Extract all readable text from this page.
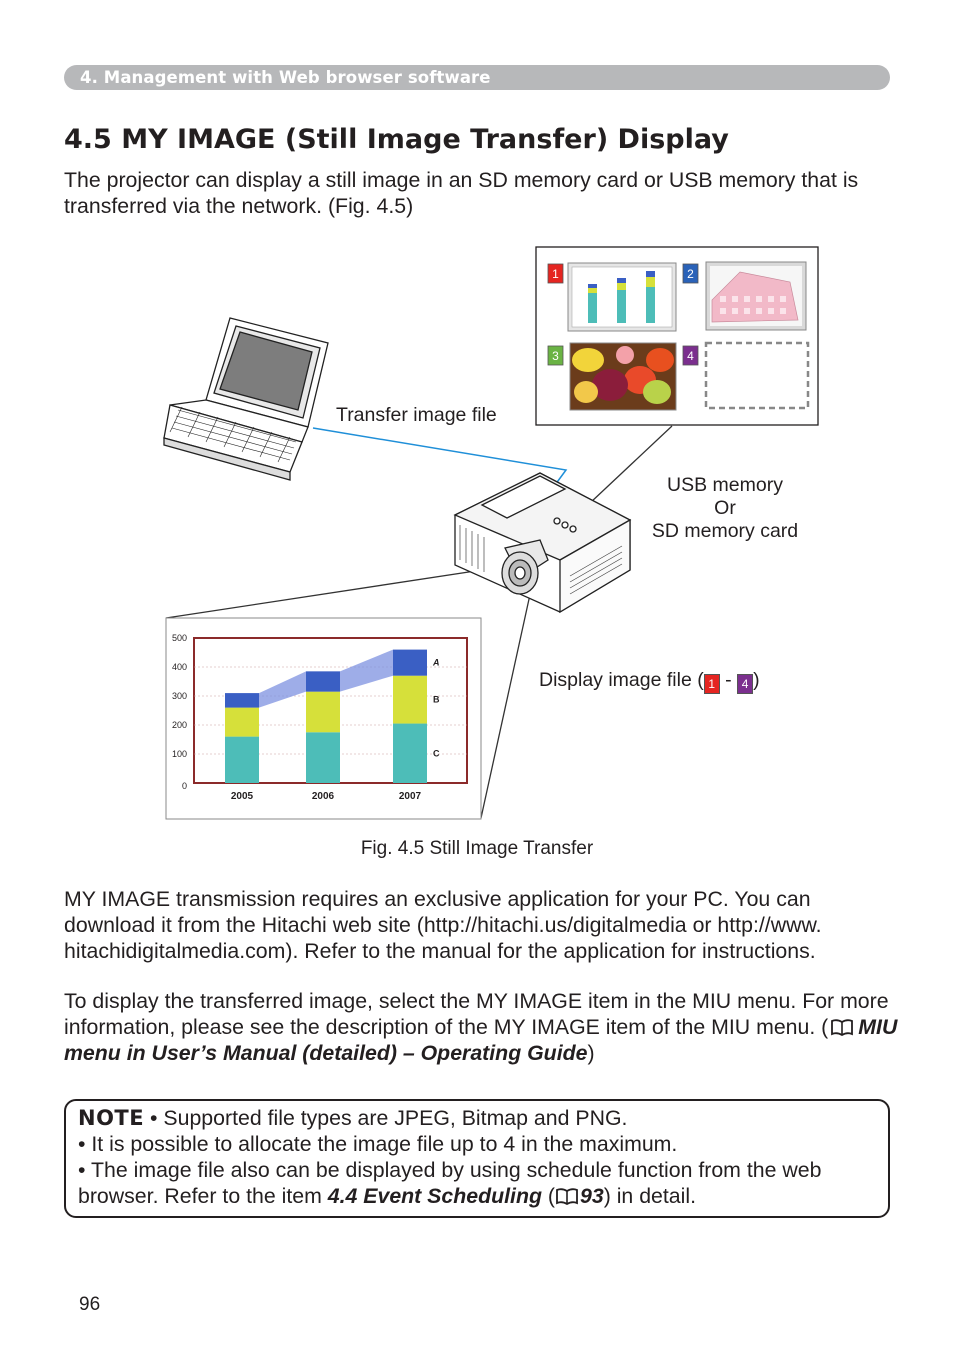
4. Management with Web browser software
4.5 MY IMAGE (Still Image Transfer) Display

The projector can display a still image in an SD memory card or USB memory that is transferred via the network. (Fig. 4.5)

1	2
3	4
0
100
200
300
400
500
2005	2006	2007
C
B
A
Transfer image file
USB memory
Or
SD memory card
Display image file ( 1 - 4 )
Fig. 4.5 Still Image Transfer

MY IMAGE transmission requires an exclusive application for your PC. You can download it from the Hitachi web site (http://hitachi.us/digitalmedia or http://www. hitachidigitalmedia.com). Refer to the manual for the application for instructions.

To display the transferred image, select the MY IMAGE item in the MIU menu. For more information, please see the description of the MY IMAGE item of the MIU menu. ( MIU menu in User’s Manual (detailed) – Operating Guide)

NOTE • Supported file types are JPEG, Bitmap and PNG.
• It is possible to allocate the image file up to 4 in the maximum.
• The image file also can be displayed by using schedule function from the web browser. Refer to the item 4.4 Event Scheduling ( 93) in detail.
96
